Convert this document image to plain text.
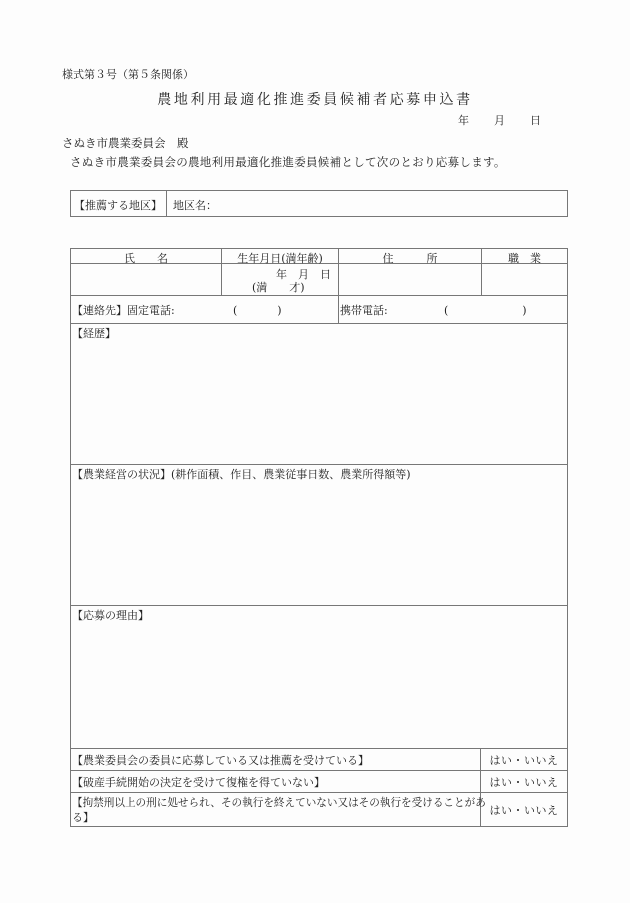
様式第３号（第５条関係）
農地利用最適化推進委員候補者応募申込書
年 月 日
さぬき市農業委員会　殿
さぬき市農業委員会の農地利用最適化推進委員候補として次のとおり応募します。
【推薦する地区】 地区名：
氏　　名	生年月日(満年齢)	住　　　所	職　業
年　月　日
(満　　才)
【連絡先】固定電話:	(　　)	携帯電話:	(　　　　)
【経歴】
【農業経営の状況】(耕作面積、作目、農業従事日数、農業所得額等)
【応募の理由】
【農業委員会の委員に応募している又は推薦を受けている】	はい・いいえ
【破産手続開始の決定を受けて復権を得ていない】	はい・いいえ
【拘禁刑以上の刑に処せられ、その執行を終えていない又はその執行を受けることがあ
る】
はい・いいえ
